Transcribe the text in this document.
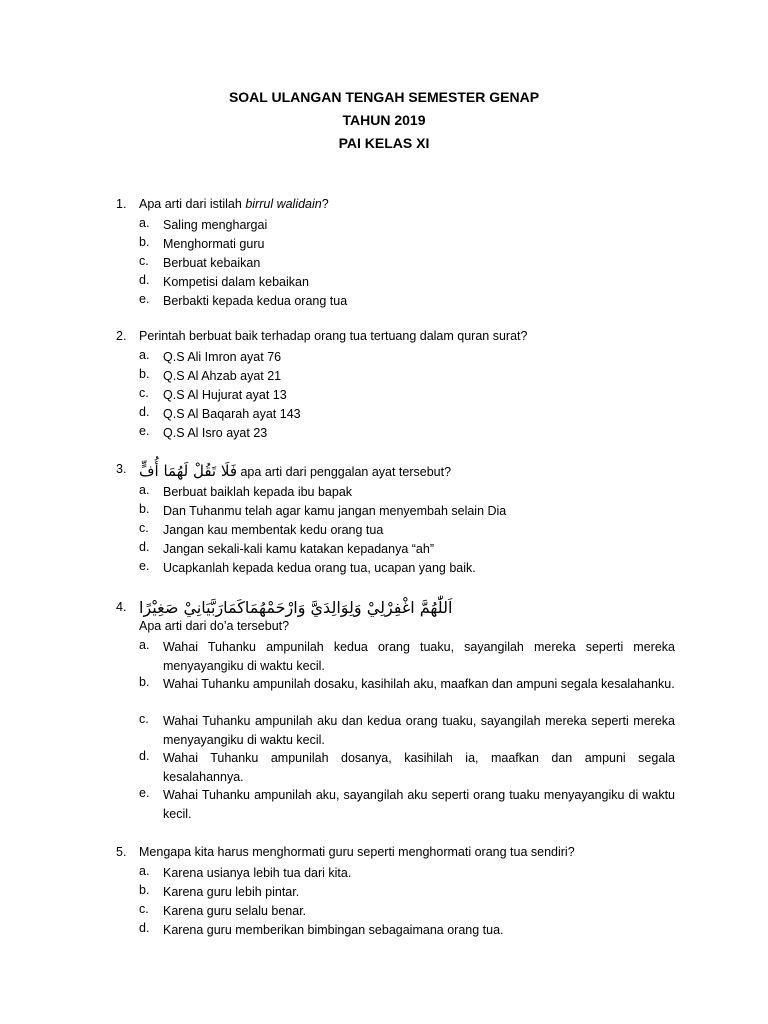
SOAL ULANGAN TENGAH SEMESTER GENAP
TAHUN 2019
PAI KELAS XI
1. Apa arti dari istilah birrul walidain?
a. Saling menghargai
b. Menghormati guru
c. Berbuat kebaikan
d. Kompetisi dalam kebaikan
e. Berbakti kepada kedua orang tua
2. Perintah berbuat baik terhadap orang tua tertuang dalam quran surat?
a. Q.S Ali Imron ayat 76
b. Q.S Al Ahzab ayat 21
c. Q.S Al Hujurat ayat 13
d. Q.S Al Baqarah ayat 143
e. Q.S Al Isro ayat 23
3. فَلَا تَقُلْ لَهُمَا أُفٍّ apa arti dari penggalan ayat tersebut?
a. Berbuat baiklah kepada ibu bapak
b. Dan Tuhanmu telah agar kamu jangan menyembah selain Dia
c. Jangan kau membentak kedu orang tua
d. Jangan sekali-kali kamu katakan kepadanya “ah”
e. Ucapkanlah kepada kedua orang tua, ucapan yang baik.
4. اَللّٰهُمَّ اغْفِرْلِيْ وَلِوَالِدَيَّ وَارْحَمْهُمَاكَمَارَبَّيَانِيْ صَغِيْرًا
Apa arti dari do’a tersebut?
a. Wahai Tuhanku ampunilah kedua orang tuaku, sayangilah mereka seperti mereka menyayangiku di waktu kecil.
b. Wahai Tuhanku ampunilah dosaku, kasihilah aku, maafkan dan ampuni segala kesalahanku.
c. Wahai Tuhanku ampunilah aku dan kedua orang tuaku, sayangilah mereka seperti mereka menyayangiku di waktu kecil.
d. Wahai Tuhanku ampunilah dosanya, kasihilah ia, maafkan dan ampuni segala kesalahannya.
e. Wahai Tuhanku ampunilah aku, sayangilah aku seperti orang tuaku menyayangiku di waktu kecil.
5. Mengapa kita harus menghormati guru seperti menghormati orang tua sendiri?
a. Karena usianya lebih tua dari kita.
b. Karena guru lebih pintar.
c. Karena guru selalu benar.
d. Karena guru memberikan bimbingan sebagaimana orang tua.
